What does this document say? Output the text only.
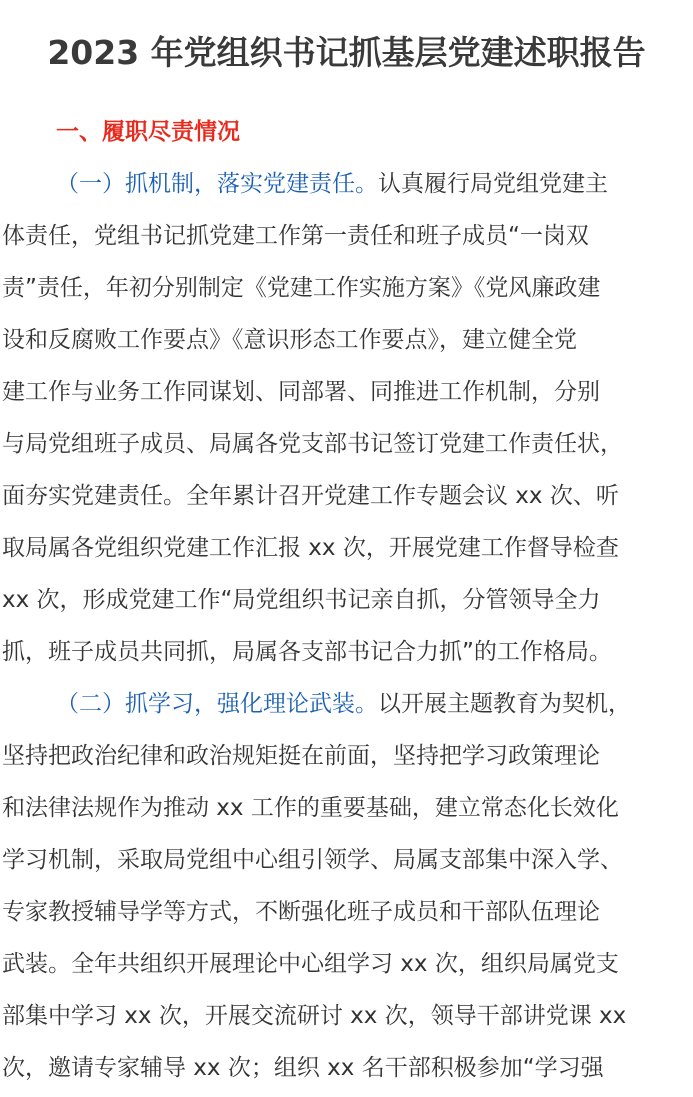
2023 年党组织书记抓基层党建述职报告
一、履职尽责情况

（一）抓机制，落实党建责任。认真履行局党组党建主

体责任，党组书记抓党建工作第一责任和班子成员“一岗双

责”责任，年初分别制定《党建工作实施方案》《党风廉政建

设和反腐败工作要点》《意识形态工作要点》，建立健全党

建工作与业务工作同谋划、同部署、同推进工作机制，分别

与局党组班子成员、局属各党支部书记签订党建工作责任状，

面夯实党建责任。全年累计召开党建工作专题会议 xx 次、听

取局属各党组织党建工作汇报 xx 次，开展党建工作督导检查

xx 次，形成党建工作“局党组织书记亲自抓，分管领导全力

抓，班子成员共同抓，局属各支部书记合力抓”的工作格局。

（二）抓学习，强化理论武装。以开展主题教育为契机，

坚持把政治纪律和政治规矩挺在前面，坚持把学习政策理论

和法律法规作为推动 xx 工作的重要基础，建立常态化长效化

学习机制，采取局党组中心组引领学、局属支部集中深入学、

专家教授辅导学等方式，不断强化班子成员和干部队伍理论

武装。全年共组织开展理论中心组学习 xx 次，组织局属党支

部集中学习 xx 次，开展交流研讨 xx 次，领导干部讲党课 xx

次，邀请专家辅导 xx 次；组织 xx 名干部积极参加“学习强
